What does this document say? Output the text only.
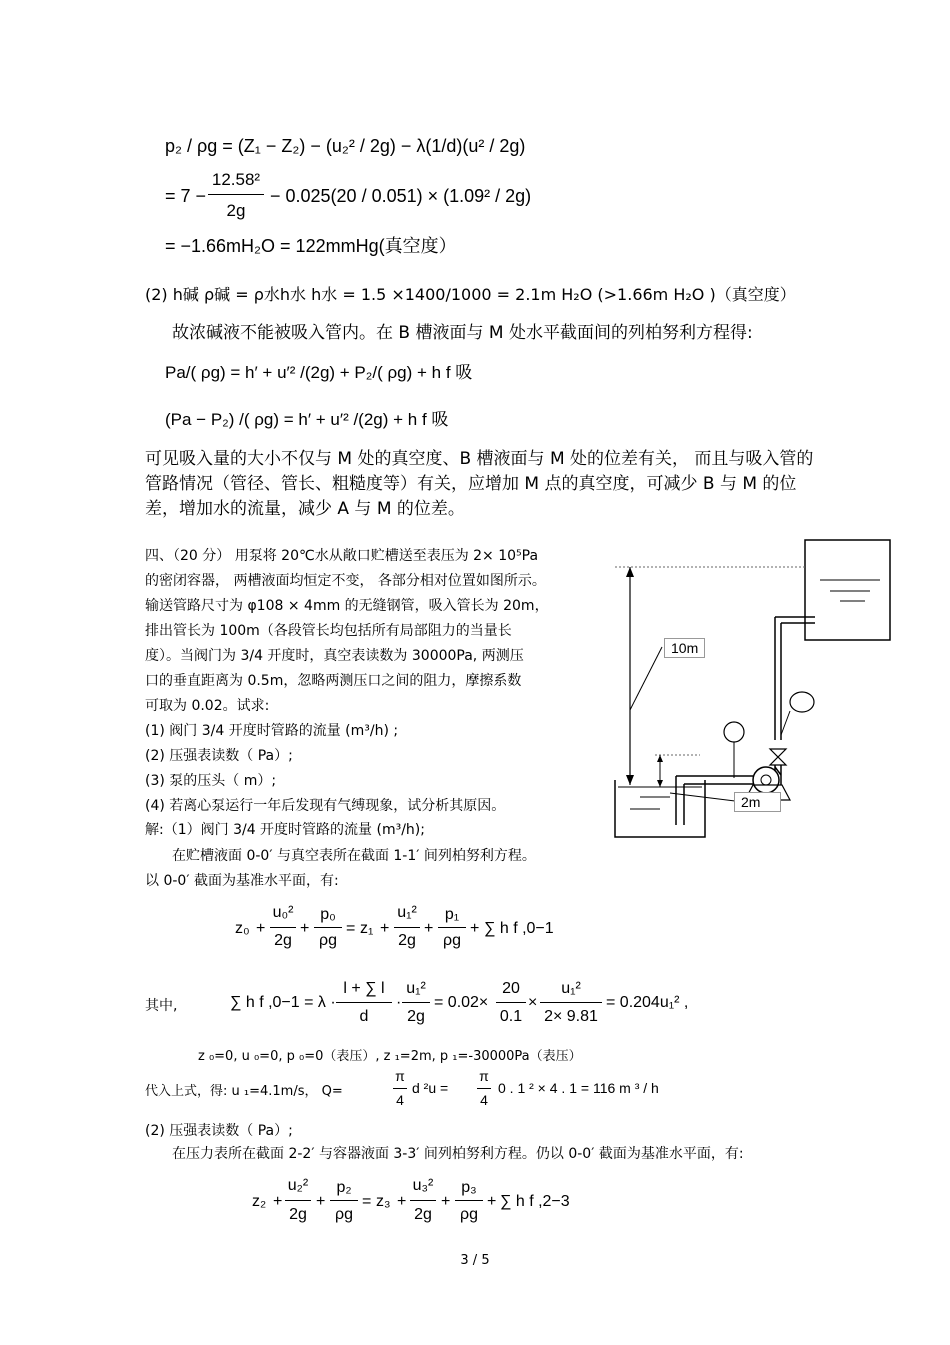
p₂ / ρg = (Z₁ − Z₂) − (u₂² / 2g) − λ(1/d)(u² / 2g)
= 7 −
12.58²
2g
− 0.025(20 / 0.051) × (1.09² / 2g)
= −1.66mH₂O = 122mmHg(真空度）
(2) h碱 ρ碱 = ρ水h水 h水 = 1.5 ×1400/1000 = 2.1m H₂O (>1.66m H₂O )（真空度）
故浓碱液不能被吸入管内。在 B 槽液面与 M 处水平截面间的列柏努利方程得:
Pa/( ρg) = h′ + u′² /(2g) + P₂/( ρg) + h f 吸
(Pa − P₂) /( ρg) = h′ + u′² /(2g) + h f 吸
可见吸入量的大小不仅与 M 处的真空度、B 槽液面与 M 处的位差有关， 而且与吸入管的
管路情况（管径、管长、粗糙度等）有关，应增加 M 点的真空度，可减少 B 与 M 的位
差，增加水的流量，减少 A 与 M 的位差。
四、（20 分） 用泵将 20℃水从敞口贮槽送至表压为 2× 10⁵Pa
的密闭容器， 两槽液面均恒定不变， 各部分相对位置如图所示。
输送管路尺寸为 φ108 × 4mm 的无缝钢管，吸入管长为 20m，
排出管长为 100m（各段管长均包括所有局部阻力的当量长
度）。当阀门为 3/4 开度时，真空表读数为 30000Pa, 两测压
口的垂直距离为 0.5m，忽略两测压口之间的阻力，摩擦系数
可取为 0.02。试求:
(1) 阀门 3/4 开度时管路的流量 (m³/h) ;
(2) 压强表读数（ Pa）;
(3) 泵的压头（ m）;
(4) 若离心泵运行一年后发现有气缚现象，试分析其原因。
解:（1）阀门 3/4 开度时管路的流量 (m³/h);
10m
2m
在贮槽液面 0-0′ 与真空表所在截面 1-1′ 间列柏努利方程。
以 0-0′ 截面为基准水平面，有:
z₀ +
u₀²
2g
+
p₀
ρg
= z₁ +
u₁²
2g
+
p₁
ρg
+ ∑ h f ,0−1
其中,	∑ h f ,0−1 = λ ·
l + ∑ l
d
·
u₁²
2g
= 0.02×
20
0.1
×
u₁²
2× 9.81
= 0.204u₁² ,
z ₀=0, u ₀=0, p ₀=0（表压）, z ₁=2m, p ₁=-30000Pa（表压）
代入上式，得: u ₁=4.1m/s， Q=
π
4
d ²u =
π
4
0 . 1 ² × 4 . 1 = 116 m ³ / h
(2) 压强表读数（ Pa）;
在压力表所在截面 2-2′ 与容器液面 3-3′ 间列柏努利方程。仍以 0-0′ 截面为基准水平面，有:
z₂ +
u₂²
2g
+
p₂
ρg
= z₃ +
u₃²
2g
+
p₃
ρg
+ ∑ h f ,2−3
3 / 5
